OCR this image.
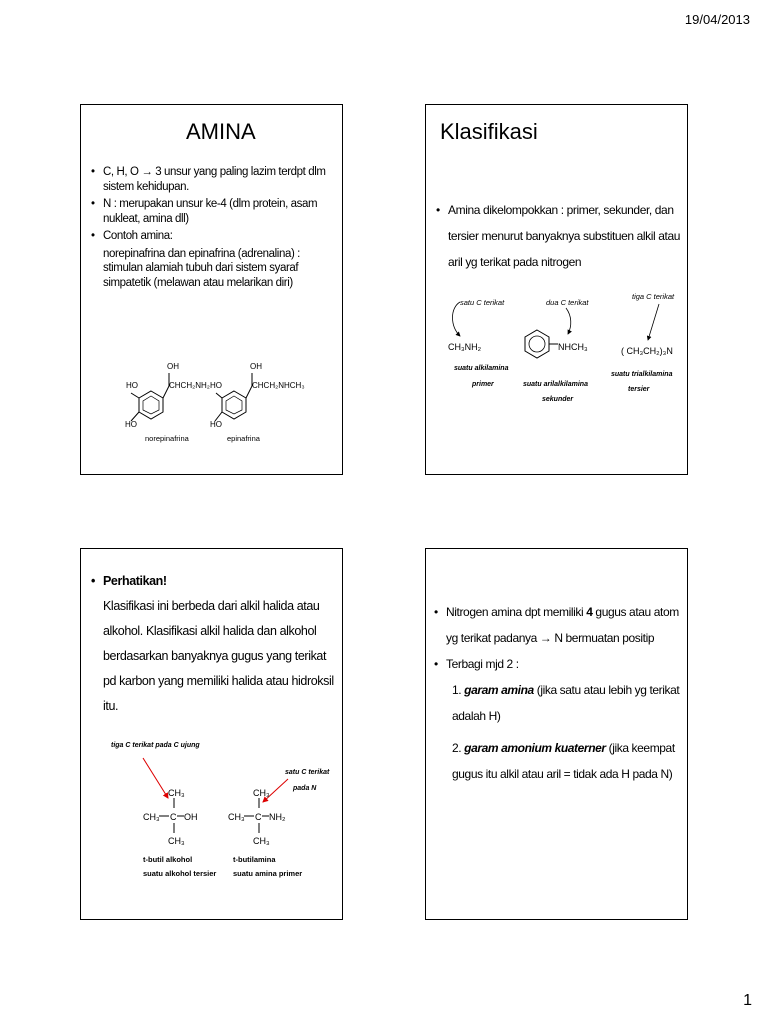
19/04/2013
AMINA
• C, H, O → 3 unsur yang paling lazim terdpt dlm sistem kehidupan.
• N : merupakan unsur ke-4 (dlm protein, asam nukleat, amina dll)
• Contoh amina:
norepinafrina dan epinafrina (adrenalina) : stimulan alamiah tubuh dari sistem syaraf simpatetik (melawan atau melarikan diri)
OH
CHCH₂NH₂
HO
HO
norepinafrina
OH
CHCH₂NHCH₃
HO
HO
epinafrina
Klasifikasi
• Amina dikelompokkan : primer, sekunder, dan tersier menurut banyaknya substituen alkil atau aril yg terikat pada nitrogen
satu C terikat
CH₃NH₂
suatu alkilamina
primer
dua C terikat
NHCH₃
suatu arilalkilamina
sekunder
tiga C terikat
( CH₃CH₂)₃N
suatu trialkilamina
tersier
• Perhatikan!
Klasifikasi ini berbeda dari alkil halida atau alkohol. Klasifikasi alkil halida dan alkohol berdasarkan banyaknya gugus yang terikat pd karbon yang memiliki halida atau hidroksil itu.
tiga C terikat pada C ujung
satu C terikat
pada N
CH₃
CH₃ C OH
CH₃
t-butil alkohol
suatu alkohol tersier
CH₃
CH₃ C NH₂
CH₃
t-butilamina
suatu amina primer
• Nitrogen amina dpt memiliki 4 gugus atau atom yg terikat padanya → N bermuatan positip
• Terbagi mjd 2 :
1. garam amina (jika satu atau lebih yg terikat adalah H)
2. garam amonium kuaterner (jika keempat gugus itu alkil atau aril = tidak ada H pada N)
1
